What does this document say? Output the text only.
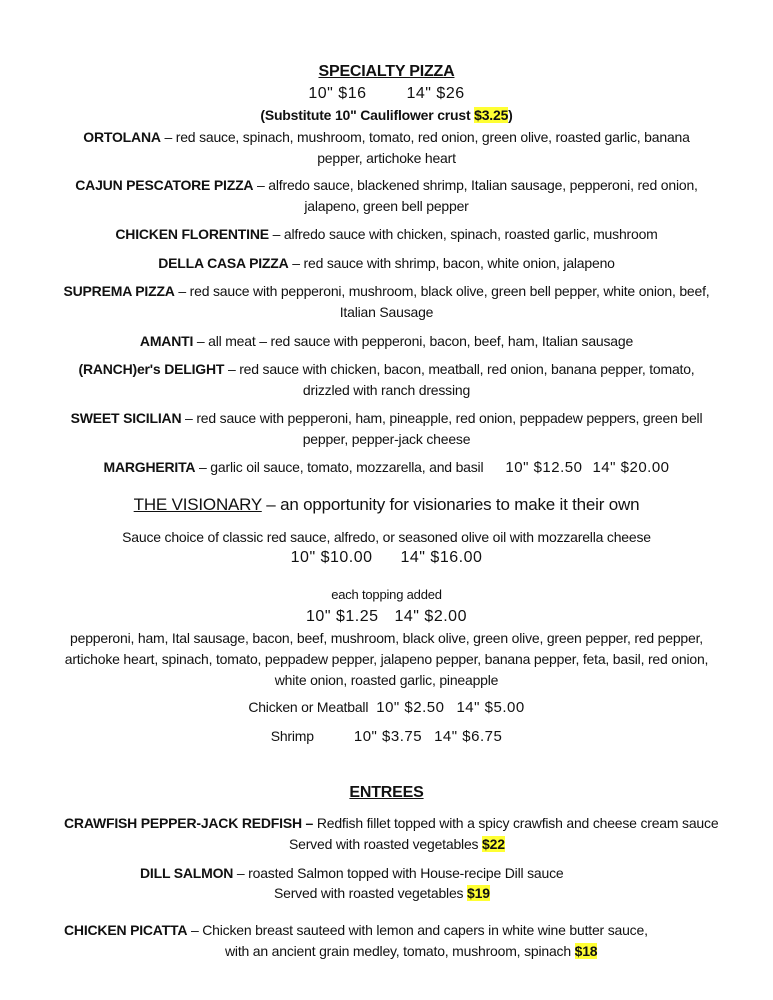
SPECIALTY PIZZA
10" $16	14" $26
(Substitute 10" Cauliflower crust $3.25)
ORTOLANA – red sauce, spinach, mushroom, tomato, red onion, green olive, roasted garlic, banana
pepper, artichoke heart
CAJUN PESCATORE PIZZA – alfredo sauce, blackened shrimp, Italian sausage, pepperoni, red onion,
jalapeno, green bell pepper
CHICKEN FLORENTINE – alfredo sauce with chicken, spinach, roasted garlic, mushroom
DELLA CASA PIZZA – red sauce with shrimp, bacon, white onion, jalapeno
SUPREMA PIZZA – red sauce with pepperoni, mushroom, black olive, green bell pepper, white onion, beef,
Italian Sausage
AMANTI – all meat – red sauce with pepperoni, bacon, beef, ham, Italian sausage
(RANCH)er's DELIGHT – red sauce with chicken, bacon, meatball, red onion, banana pepper, tomato,
drizzled with ranch dressing
SWEET SICILIAN – red sauce with pepperoni, ham, pineapple, red onion, peppadew peppers, green bell
pepper, pepper-jack cheese
MARGHERITA – garlic oil sauce, tomato, mozzarella, and basil 10" $12.50 14" $20.00
THE VISIONARY – an opportunity for visionaries to make it their own
Sauce choice of classic red sauce, alfredo, or seasoned olive oil with mozzarella cheese
10" $10.00 14" $16.00
each topping added
10" $1.25 14" $2.00
pepperoni, ham, Ital sausage, bacon, beef, mushroom, black olive, green olive, green pepper, red pepper,
artichoke heart, spinach, tomato, peppadew pepper, jalapeno pepper, banana pepper, feta, basil, red onion,
white onion, roasted garlic, pineapple
Chicken or Meatball 10" $2.50 14" $5.00
Shrimp	10" $3.75 14" $6.75
ENTREES
CRAWFISH PEPPER-JACK REDFISH – Redfish fillet topped with a spicy crawfish and cheese cream sauce
Served with roasted vegetables $22
DILL SALMON – roasted Salmon topped with House-recipe Dill sauce
Served with roasted vegetables $19
CHICKEN PICATTA – Chicken breast sauteed with lemon and capers in white wine butter sauce,
with an ancient grain medley, tomato, mushroom, spinach $18
